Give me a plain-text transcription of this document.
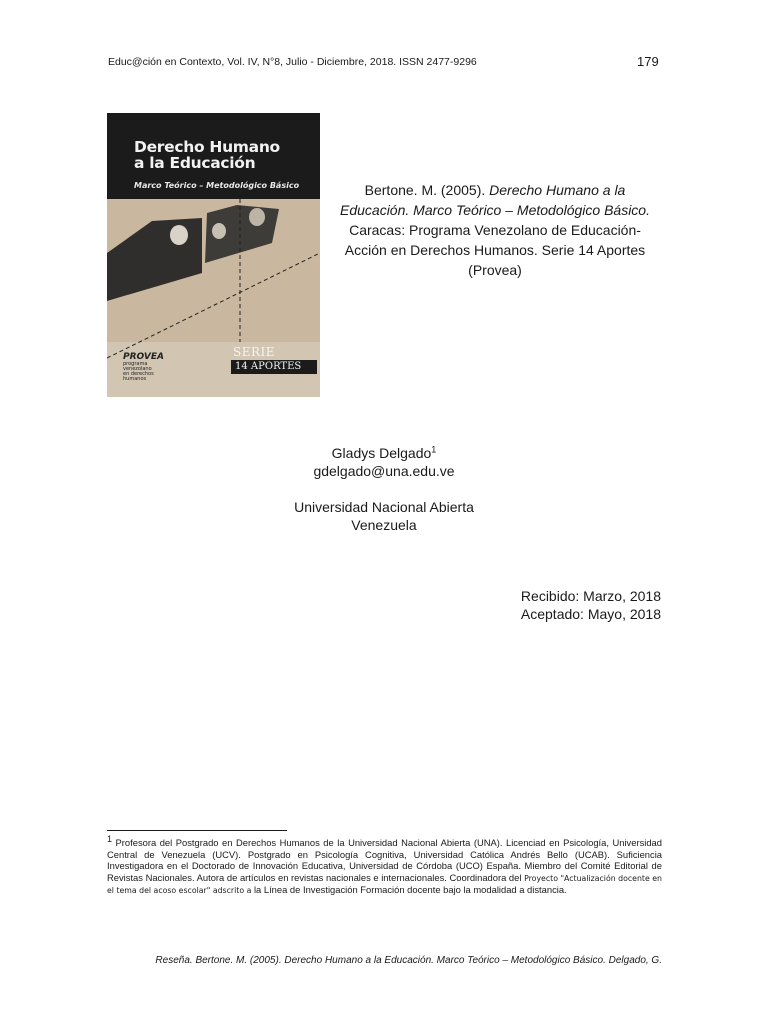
Educ@ción en Contexto, Vol. IV, N°8, Julio - Diciembre, 2018. ISSN 2477-9296	179
Derecho Humano
a la Educación
Marco Teórico – Metodológico Básico
PROVEA
programa venezolano
en derechos humanos
SERIE
14 APORTES
Bertone. M. (2005). Derecho Humano a la Educación. Marco Teórico – Metodológico Básico. Caracas: Programa Venezolano de Educación-Acción en Derechos Humanos. Serie 14 Aportes (Provea)
Gladys Delgado$^1$
gdelgado@una.edu.ve
Universidad Nacional Abierta
Venezuela
Recibido: Marzo, 2018
Aceptado: Mayo, 2018
$^1$ Profesora del Postgrado en Derechos Humanos de la Universidad Nacional Abierta (UNA). Licenciad en Psicología, Universidad Central de Venezuela (UCV). Postgrado en Psicología Cognitiva, Universidad Católica Andrés Bello (UCAB). Suficiencia Investigadora en el Doctorado de Innovación Educativa, Universidad de Córdoba (UCO) España. Miembro del Comité Editorial de Revistas Nacionales. Autora de artículos en revistas nacionales e internacionales. Coordinadora del Proyecto "Actualización docente en el tema del acoso escolar" adscrito a la Línea de Investigación Formación docente bajo la modalidad a distancia.
Reseña. Bertone. M. (2005). Derecho Humano a la Educación. Marco Teórico – Metodológico Básico. Delgado, G.
